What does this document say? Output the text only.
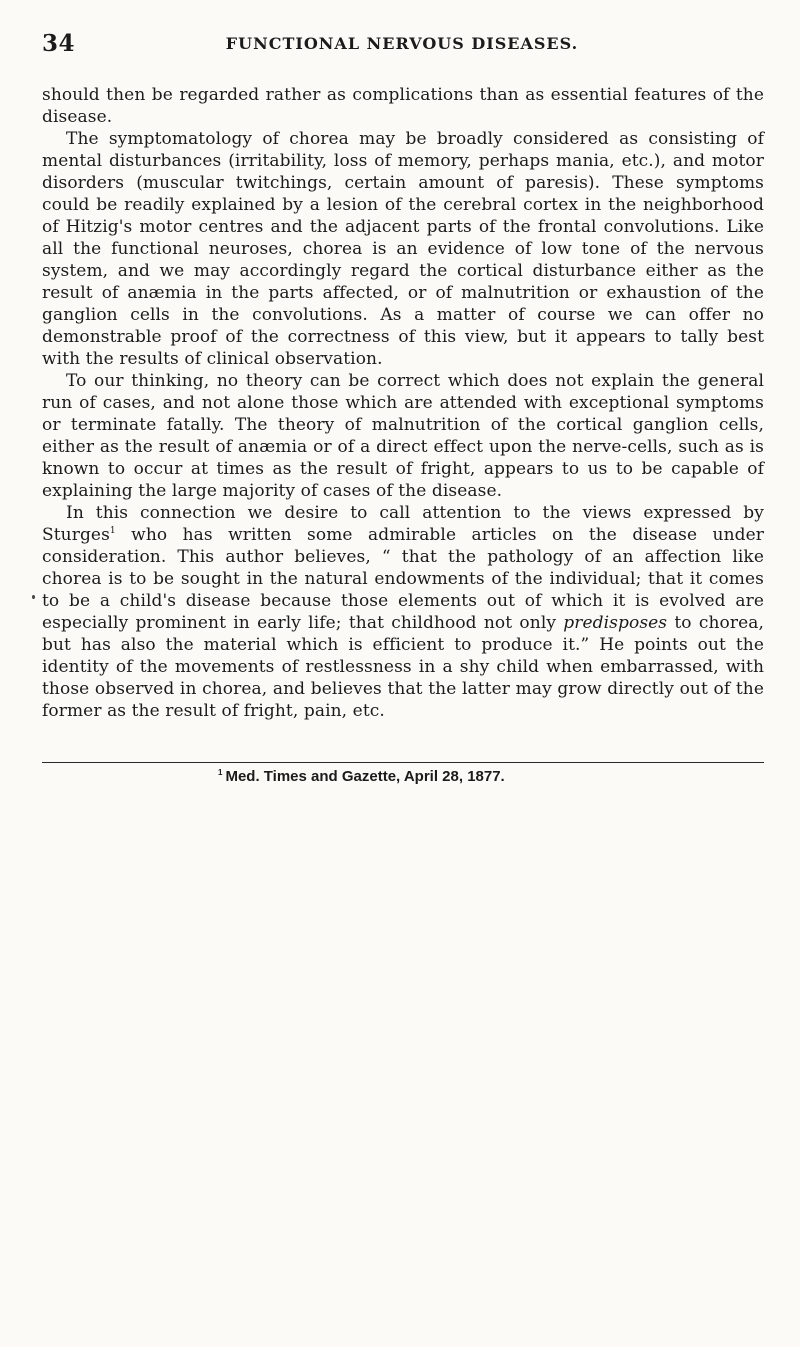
34	FUNCTIONAL NERVOUS DISEASES.

should then be regarded rather as complications than as essential features of the disease.

The symptomatology of chorea may be broadly considered as consisting of mental disturbances (irritability, loss of memory, perhaps mania, etc.), and motor disorders (muscular twitchings, certain amount of paresis). These symptoms could be readily explained by a lesion of the cerebral cortex in the neighborhood of Hitzig's motor centres and the adjacent parts of the frontal convolutions. Like all the functional neuroses, chorea is an evidence of low tone of the nervous system, and we may accordingly regard the cortical disturbance either as the result of anæmia in the parts affected, or of malnutrition or exhaustion of the ganglion cells in the convolutions. As a matter of course we can offer no demonstrable proof of the correctness of this view, but it appears to tally best with the results of clinical observation.

To our thinking, no theory can be correct which does not explain the general run of cases, and not alone those which are attended with exceptional symptoms or terminate fatally. The theory of malnutrition of the cortical ganglion cells, either as the result of anæmia or of a direct effect upon the nerve-cells, such as is known to occur at times as the result of fright, appears to us to be capable of explaining the large majority of cases of the disease.

In this connection we desire to call attention to the views expressed by Sturges$^1$ who has written some admirable articles on the disease under consideration. This author believes, “ that the pathology of an affection like chorea is to be sought in the natural endowments of the individual; that it comes to be a child's disease because those elements out of which it is evolved are especially prominent in early life; that childhood not only predisposes to chorea, but has also the material which is efficient to produce it.” He points out the identity of the movements of restlessness in a shy child when embarrassed, with those observed in chorea, and believes that the latter may grow directly out of the former as the result of fright, pain, etc.

$^1$ Med. Times and Gazette, April 28, 1877.
